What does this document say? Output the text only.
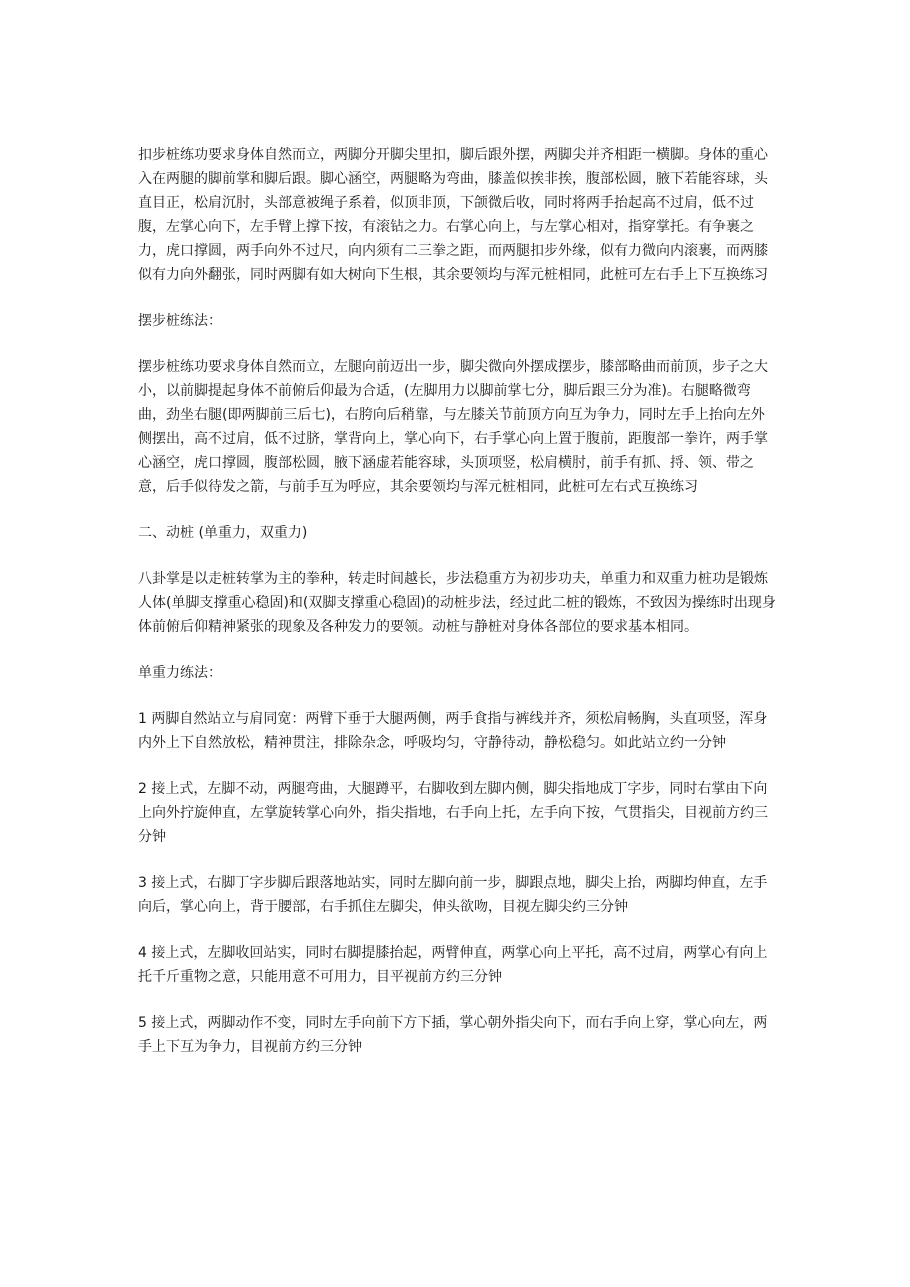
扣步桩练功要求身体自然而立，两脚分开脚尖里扣，脚后跟外摆，两脚尖并齐相距一横脚。身体的重心入在两腿的脚前掌和脚后跟。脚心涵空，两腿略为弯曲，膝盖似挨非挨，腹部松圆，腋下若能容球，头直目正，松肩沉肘，头部意被绳子系着，似顶非顶，下颌微后收，同时将两手抬起高不过肩，低不过腹，左掌心向下，左手臂上撑下按，有滚钻之力。右掌心向上，与左掌心相对，指穿掌托。有争裹之力，虎口撑圆，两手向外不过尺，向内须有二三拳之距，而两腿扣步外缘，似有力微向内滚裹，而两膝似有力向外翻张，同时两脚有如大树向下生根，其余要领均与浑元桩相同，此桩可左右手上下互换练习

摆步桩练法：

摆步桩练功要求身体自然而立，左腿向前迈出一步，脚尖微向外摆成摆步，膝部略曲而前顶，步子之大小，以前脚提起身体不前俯后仰最为合适，(左脚用力以脚前掌七分，脚后跟三分为准)。右腿略微弯曲，劲坐右腿(即两脚前三后七)，右胯向后稍靠，与左膝关节前顶方向互为争力，同时左手上抬向左外侧摆出，高不过肩，低不过脐，掌背向上，掌心向下，右手掌心向上置于腹前，距腹部一拳许，两手掌心涵空，虎口撑圆，腹部松圆，腋下涵虚若能容球，头顶项竖，松肩横肘，前手有抓、捋、领、带之意，后手似待发之箭，与前手互为呼应，其余要领均与浑元桩相同，此桩可左右式互换练习

二、动桩 (单重力，双重力)

八卦掌是以走桩转掌为主的拳种，转走时间越长，步法稳重方为初步功夫，单重力和双重力桩功是锻炼人体(单脚支撑重心稳固)和(双脚支撑重心稳固)的动桩步法，经过此二桩的锻炼，不致因为操练时出现身体前俯后仰精神紧张的现象及各种发力的要领。动桩与静桩对身体各部位的要求基本相同。

单重力练法：

1 两脚自然站立与肩同宽：两臂下垂于大腿两侧，两手食指与裤线并齐，须松肩畅胸，头直项竖，浑身内外上下自然放松，精神贯注，排除杂念，呼吸均匀，守静待动，静松稳匀。如此站立约一分钟

2 接上式，左脚不动，两腿弯曲，大腿蹲平，右脚收到左脚内侧，脚尖指地成丁字步，同时右掌由下向上向外拧旋伸直，左掌旋转掌心向外，指尖指地，右手向上托，左手向下按，气贯指尖，目视前方约三分钟

3 接上式，右脚丁字步脚后跟落地站实，同时左脚向前一步，脚跟点地，脚尖上抬，两脚均伸直，左手向后，掌心向上，背于腰部，右手抓住左脚尖，伸头欲吻，目视左脚尖约三分钟

4 接上式，左脚收回站实，同时右脚提膝抬起，两臂伸直，两掌心向上平托，高不过肩，两掌心有向上托千斤重物之意，只能用意不可用力，目平视前方约三分钟

5 接上式，两脚动作不变，同时左手向前下方下插，掌心朝外指尖向下，而右手向上穿，掌心向左，两手上下互为争力，目视前方约三分钟
